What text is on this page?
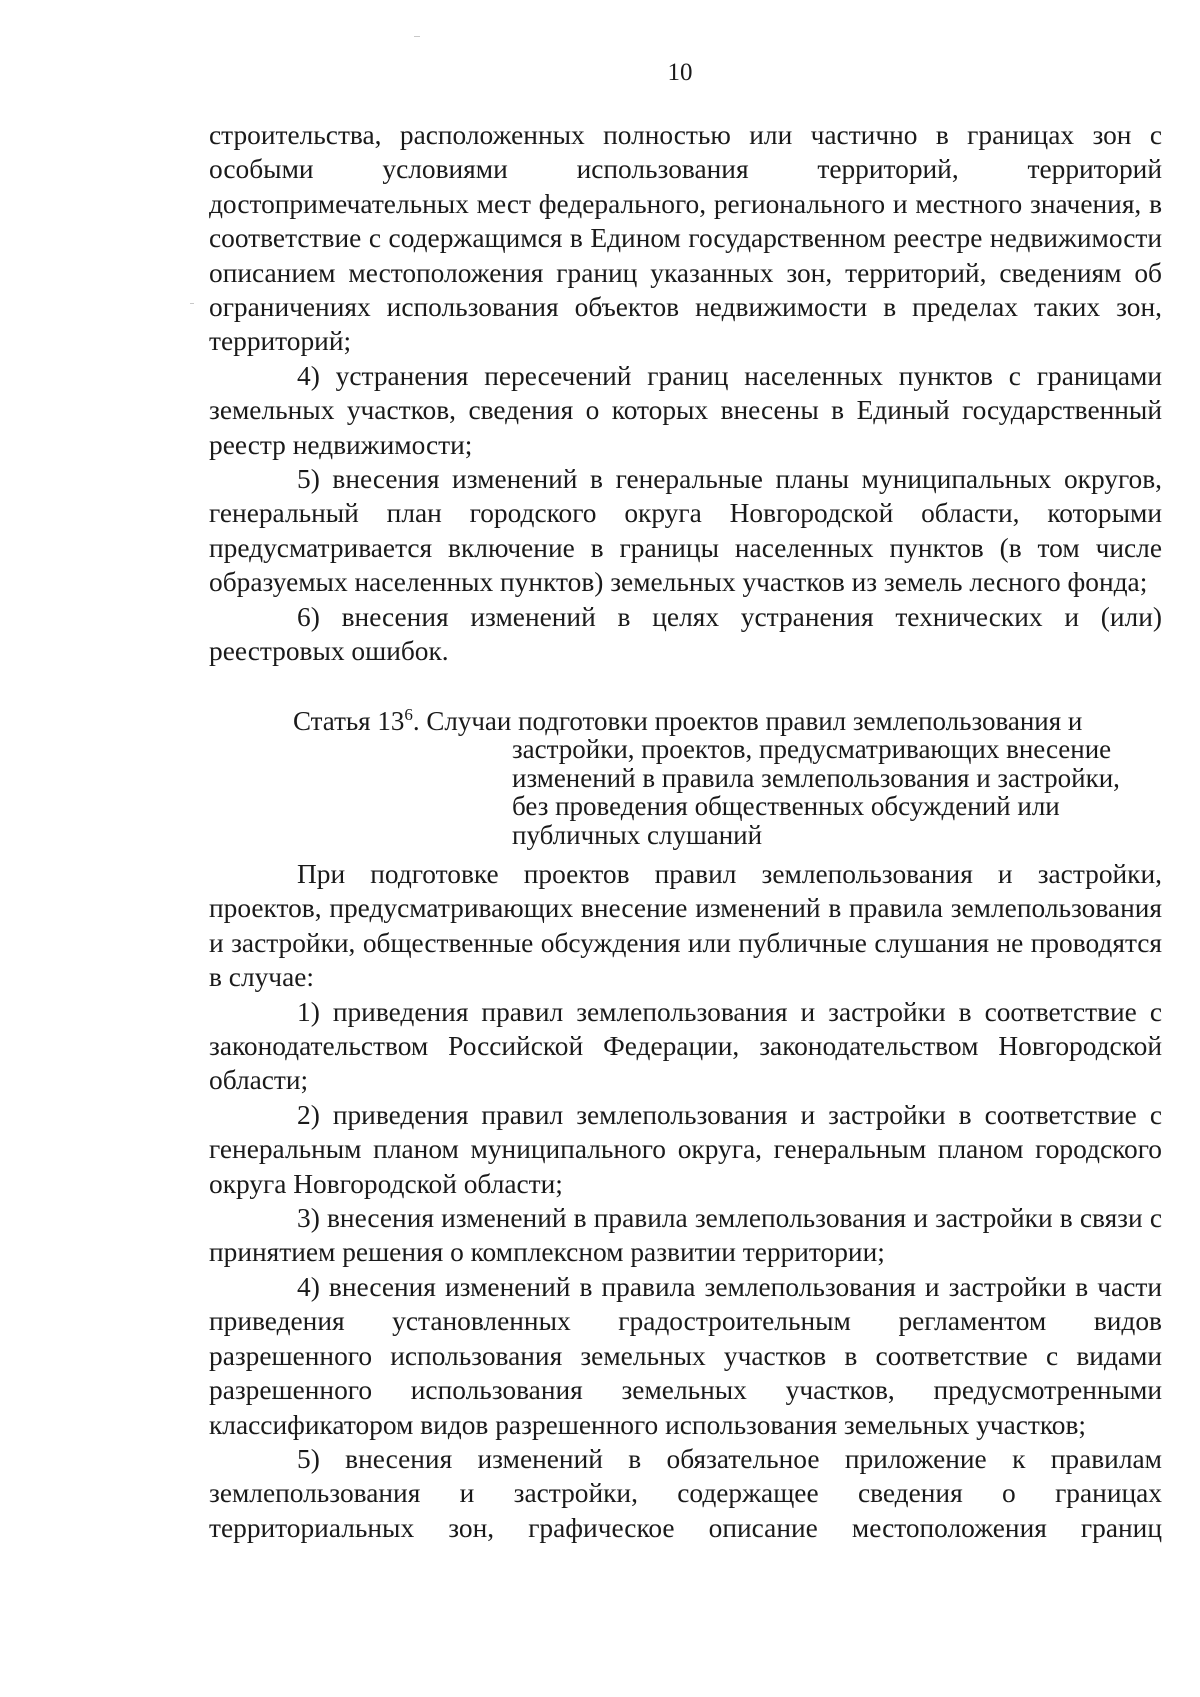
10

строительства, расположенных полностью или частично в границах зон с особыми условиями использования территорий, территорий достопримечательных мест федерального, регионального и местного значения, в соответствие с содержащимся в Едином государственном реестре недвижимости описанием местоположения границ указанных зон, территорий, сведениям об ограничениях использования объектов недвижимости в пределах таких зон, территорий;

4) устранения пересечений границ населенных пунктов с границами земельных участков, сведения о которых внесены в Единый государственный реестр недвижимости;

5) внесения изменений в генеральные планы муниципальных округов, генеральный план городского округа Новгородской области, которыми предусматривается включение в границы населенных пунктов (в том числе образуемых населенных пунктов) земельных участков из земель лесного фонда;

6) внесения изменений в целях устранения технических и (или) реестровых ошибок.

Статья $13^6$. Случаи подготовки проектов правил землепользования и застройки, проектов, предусматривающих внесение изменений в правила землепользования и застройки, без проведения общественных обсуждений или публичных слушаний

При подготовке проектов правил землепользования и застройки, проектов, предусматривающих внесение изменений в правила землепользования и застройки, общественные обсуждения или публичные слушания не проводятся в случае:

1) приведения правил землепользования и застройки в соответствие с законодательством Российской Федерации, законодательством Новгородской области;

2) приведения правил землепользования и застройки в соответствие с генеральным планом муниципального округа, генеральным планом городского округа Новгородской области;

3) внесения изменений в правила землепользования и застройки в связи с принятием решения о комплексном развитии территории;

4) внесения изменений в правила землепользования и застройки в части приведения установленных градостроительным регламентом видов разрешенного использования земельных участков в соответствие с видами разрешенного использования земельных участков, предусмотренными классификатором видов разрешенного использования земельных участков;

5) внесения изменений в обязательное приложение к правилам землепользования и застройки, содержащее сведения о границах территориальных зон, графическое описание местоположения границ
